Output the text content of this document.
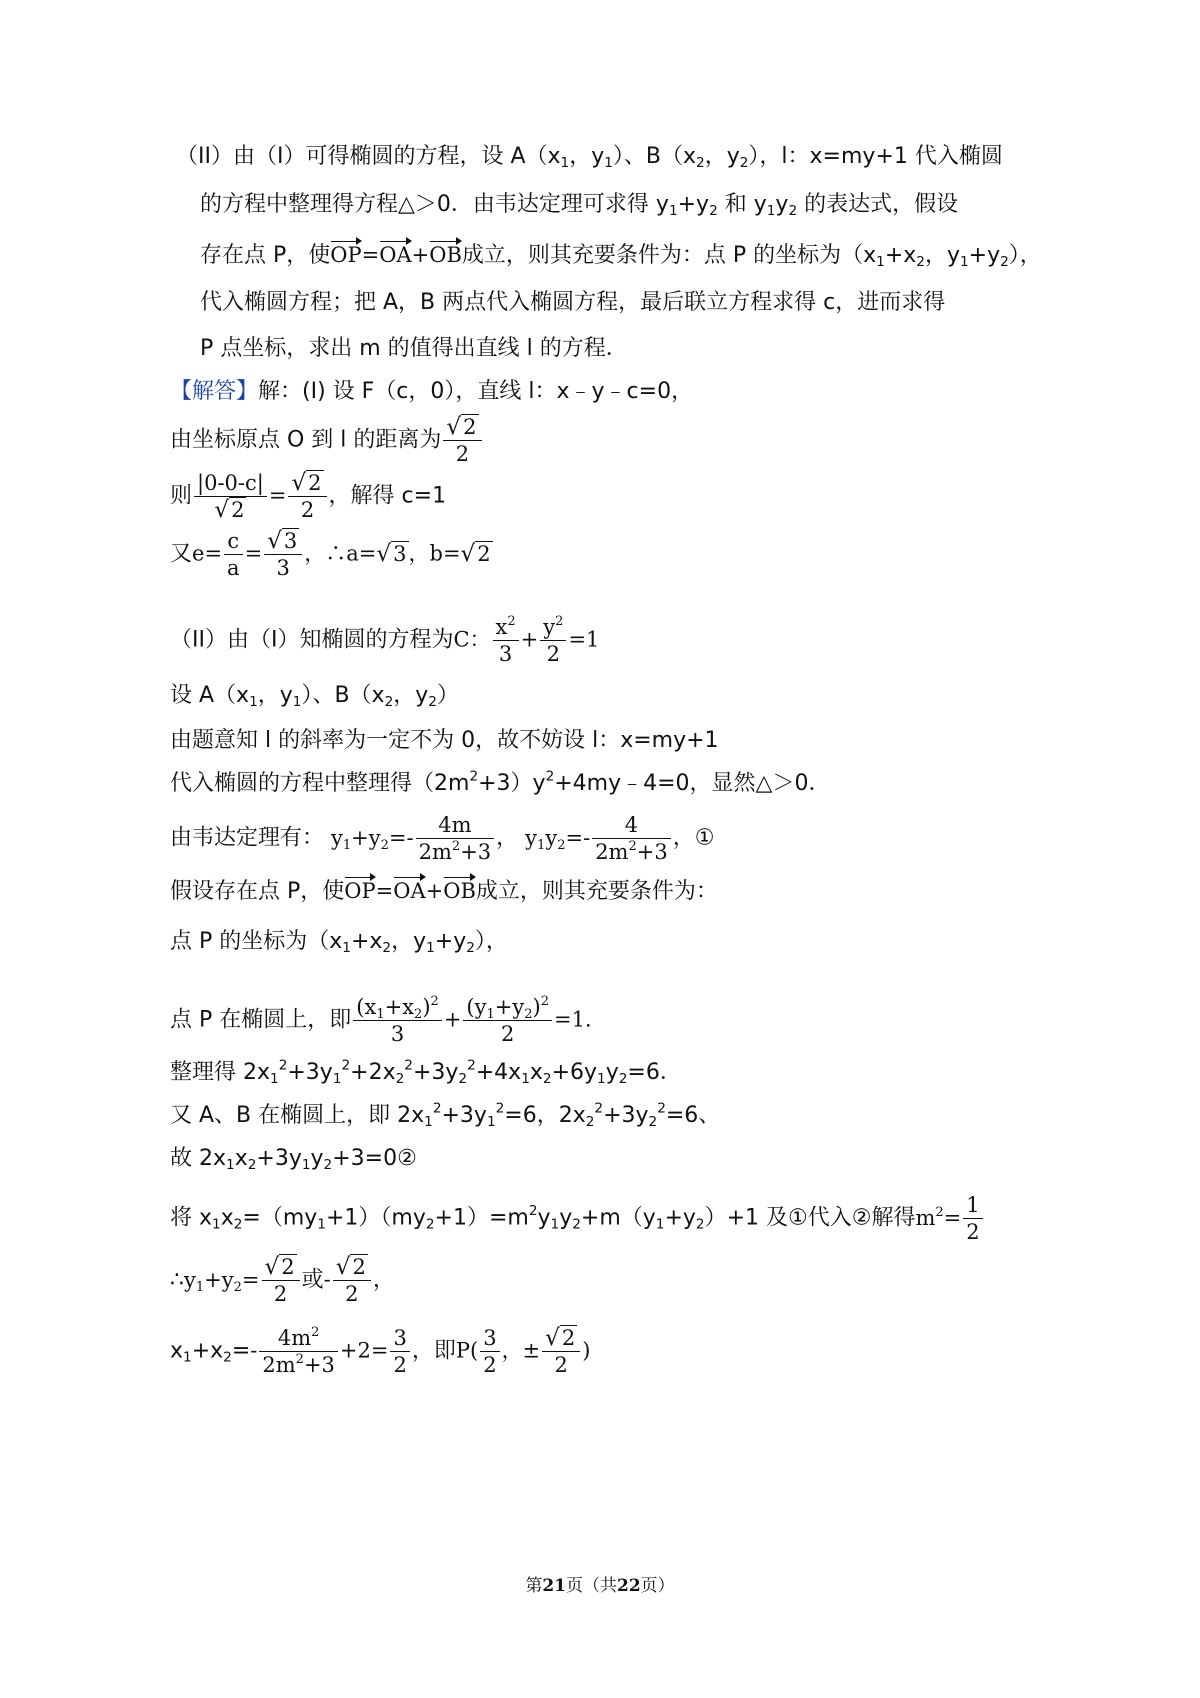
（II）由（I）可得椭圆的方程，设 $A(x_1$，$y_1$）、$B(x_2$，$y_2$），l：x=my+1 代入椭圆
的方程中整理得方程△＞0．由韦达定理可求得 $y_1+y_2$ 和 $y_1y_2$ 的表达式，假设
存在点 P，使OP=OA+OB成立，则其充要条件为：点 P 的坐标为（$x_1+x_2$，$y_1+y_2$），
代入椭圆方程；把 A，B 两点代入椭圆方程，最后联立方程求得 c，进而求得
P 点坐标，求出 m 的值得出直线 l 的方程．
【解答】解：(I) 设 F（c，0），直线 l：x﹣y﹣c=0，
由坐标原点 O 到 l 的距离为 $\frac{√2}{2}$
则 $\frac{|0-0-c|}{√2} = \frac{√2}{2}$ ，解得 c=1
又$e= \frac{c}{a} = \frac{√3}{3}$ ，∴a=√3，b=√2
（II）由（I）知椭圆的方程为C： $\frac{x^2}{3} + \frac{y^2}{2} =1$
设 $A(x_1$，$y_1$）、$B(x_2$，$y_2$）
由题意知 l 的斜率为一定不为 0，故不妨设 l：x=my+1
代入椭圆的方程中整理得$(2m^2+3)y^2+4my﹣4=0$，显然△＞0．
由韦达定理有： $y_1+y_2=- \frac{4m}{2m^2+3}$ ， $y_1y_2=- \frac{4}{2m^2+3}$ ，①
假设存在点 P，使OP=OA+OB成立，则其充要条件为：
点 P 的坐标为（$x_1+x_2$，$y_1+y_2$），
点 P 在椭圆上，即 $\frac{(x_1+x_2)^2}{3} + \frac{(y_1+y_2)^2}{2} =1$．
整理得 $2x_1^2+3y_1^2+2x_2^2+3y_2^2+4x_1x_2+6y_1y_2=6$．
又 A、B 在椭圆上，即 $2x_1^2+3y_1^2=6$，$2x_2^2+3y_2^2=6$、
故 $2x_1x_2+3y_1y_2+3=0②$
将 $x_1x_2=(my_1+1)(my_2+1)=m^2y_1y_2+m(y_1+y_2)+1$ 及①代入②解得$m^2= \frac{1}{2}$
$\therefore y_1+y_2= \frac{√2}{2}$ 或- $\frac{√2}{2}$ ，
$x_1+x_2=- \frac{4m^2}{2m^2+3} +2= \frac{3}{2}$ ，即$P( \frac{3}{2}$ ，± $\frac{√2}{2}$ )
第21页（共22页）
